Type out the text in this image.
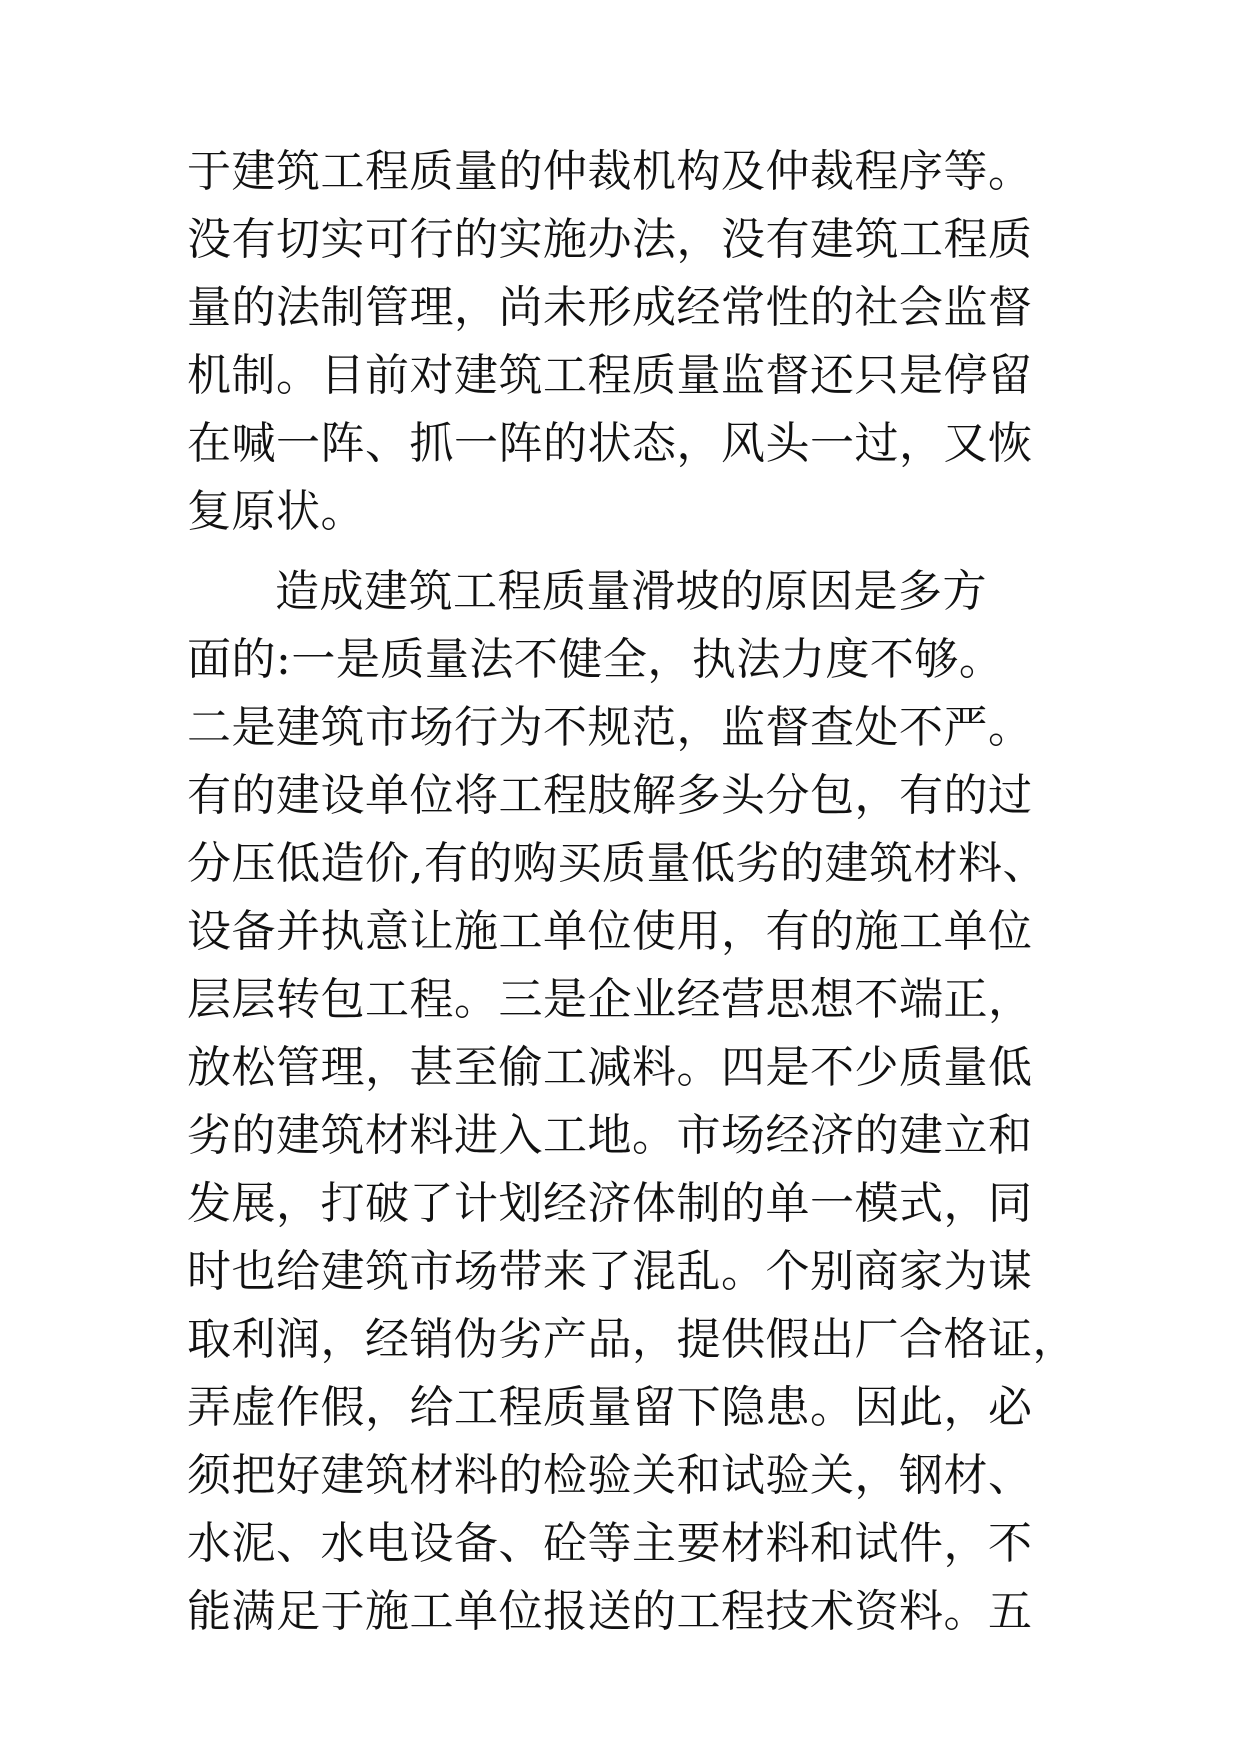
于建筑工程质量的仲裁机构及仲裁程序等。
没有切实可行的实施办法，没有建筑工程质
量的法制管理，尚未形成经常性的社会监督
机制。目前对建筑工程质量监督还只是停留
在喊一阵、抓一阵的状态，风头一过，又恢
复原状。
造成建筑工程质量滑坡的原因是多方
面的:一是质量法不健全，执法力度不够。
二是建筑市场行为不规范，监督查处不严。
有的建设单位将工程肢解多头分包，有的过
分压低造价,有的购买质量低劣的建筑材料、
设备并执意让施工单位使用，有的施工单位
层层转包工程。三是企业经营思想不端正，
放松管理，甚至偷工减料。四是不少质量低
劣的建筑材料进入工地。市场经济的建立和
发展，打破了计划经济体制的单一模式，同
时也给建筑市场带来了混乱。个别商家为谋
取利润，经销伪劣产品，提供假出厂合格证，
弄虚作假，给工程质量留下隐患。因此，必
须把好建筑材料的检验关和试验关，钢材、
水泥、水电设备、砼等主要材料和试件，不
能满足于施工单位报送的工程技术资料。五
